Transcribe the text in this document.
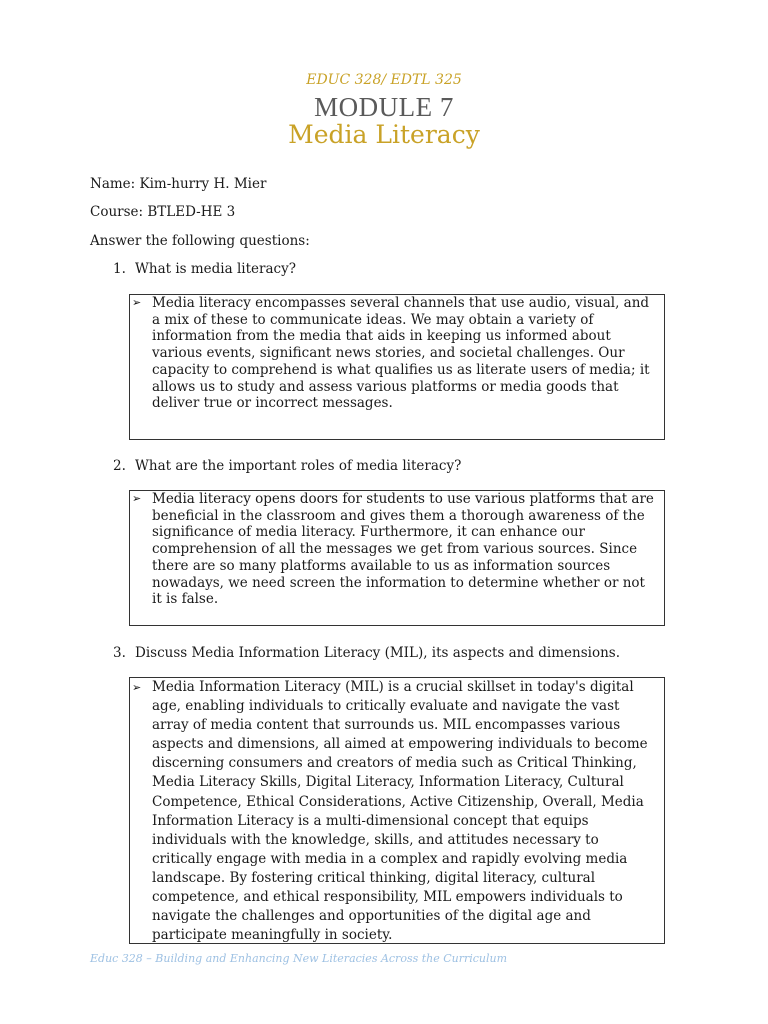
EDUC 328/ EDTL 325
MODULE 7
Media Literacy
Name: Kim-hurry H. Mier
Course: BTLED-HE 3
Answer the following questions:
1. What is media literacy?
➢ Media literacy encompasses several channels that use audio, visual, and a mix of these to communicate ideas. We may obtain a variety of information from the media that aids in keeping us informed about various events, significant news stories, and societal challenges. Our capacity to comprehend is what qualifies us as literate users of media; it allows us to study and assess various platforms or media goods that deliver true or incorrect messages.

2. What are the important roles of media literacy?
➢ Media literacy opens doors for students to use various platforms that are beneficial in the classroom and gives them a thorough awareness of the significance of media literacy. Furthermore, it can enhance our comprehension of all the messages we get from various sources. Since there are so many platforms available to us as information sources nowadays, we need screen the information to determine whether or not it is false.

3. Discuss Media Information Literacy (MIL), its aspects and dimensions.
➢ Media Information Literacy (MIL) is a crucial skillset in today's digital age, enabling individuals to critically evaluate and navigate the vast array of media content that surrounds us. MIL encompasses various aspects and dimensions, all aimed at empowering individuals to become discerning consumers and creators of media such as Critical Thinking, Media Literacy Skills, Digital Literacy, Information Literacy, Cultural Competence, Ethical Considerations, Active Citizenship, Overall, Media Information Literacy is a multi-dimensional concept that equips individuals with the knowledge, skills, and attitudes necessary to critically engage with media in a complex and rapidly evolving media landscape. By fostering critical thinking, digital literacy, cultural competence, and ethical responsibility, MIL empowers individuals to navigate the challenges and opportunities of the digital age and participate meaningfully in society.

Educ 328 – Building and Enhancing New Literacies Across the Curriculum
